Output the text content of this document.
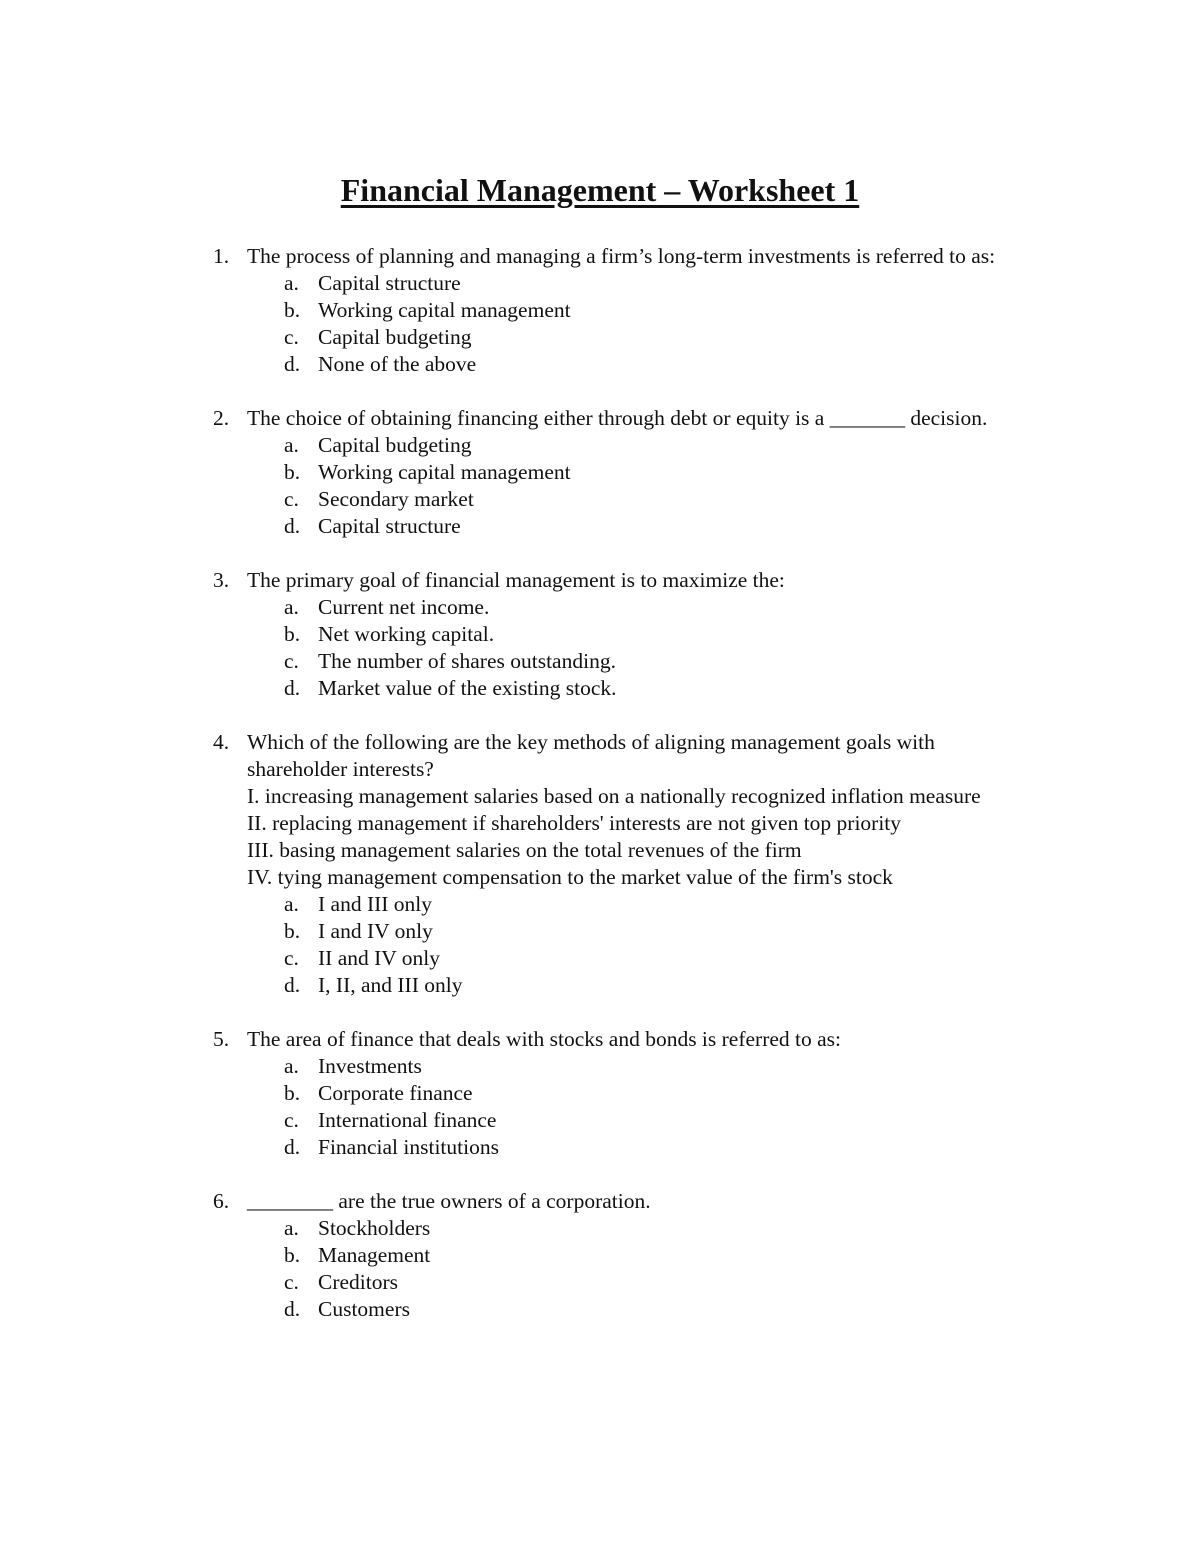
Financial Management – Worksheet 1
1. The process of planning and managing a firm’s long-term investments is referred to as:
a. Capital structure
b. Working capital management
c. Capital budgeting
d. None of the above
2. The choice of obtaining financing either through debt or equity is a _______ decision.
a. Capital budgeting
b. Working capital management
c. Secondary market
d. Capital structure
3. The primary goal of financial management is to maximize the:
a. Current net income.
b. Net working capital.
c. The number of shares outstanding.
d. Market value of the existing stock.
4. Which of the following are the key methods of aligning management goals with shareholder interests?
I. increasing management salaries based on a nationally recognized inflation measure
II. replacing management if shareholders' interests are not given top priority
III. basing management salaries on the total revenues of the firm
IV. tying management compensation to the market value of the firm's stock
a. I and III only
b. I and IV only
c. II and IV only
d. I, II, and III only
5. The area of finance that deals with stocks and bonds is referred to as:
a. Investments
b. Corporate finance
c. International finance
d. Financial institutions
6. ________ are the true owners of a corporation.
a. Stockholders
b. Management
c. Creditors
d. Customers
